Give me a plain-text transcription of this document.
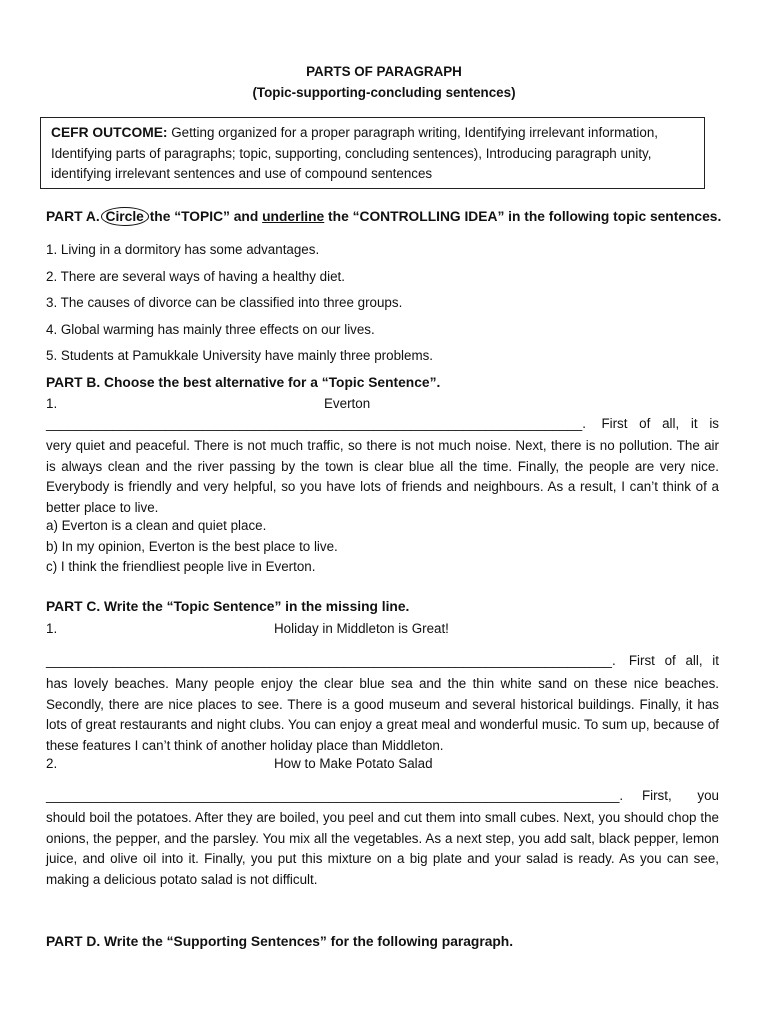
PARTS OF PARAGRAPH
(Topic-supporting-concluding sentences)
CEFR OUTCOME: Getting organized for a proper paragraph writing, Identifying irrelevant information, Identifying parts of paragraphs; topic, supporting, concluding sentences), Introducing paragraph unity, identifying irrelevant sentences and use of compound sentences
PART A. Circle the “TOPIC” and underline the “CONTROLLING IDEA” in the following topic sentences.
1. Living in a dormitory has some advantages.
2. There are several ways of having a healthy diet.
3. The causes of divorce can be classified into three groups.
4. Global warming has mainly three effects on our lives.
5. Students at Pamukkale University have mainly three problems.
PART B. Choose the best alternative for a “Topic Sentence”.
1.	Everton
________________________________________________________________________. First of all, it is
very quiet and peaceful. There is not much traffic, so there is not much noise. Next, there is no pollution. The air is always clean and the river passing by the town is clear blue all the time. Finally, the people are very nice. Everybody is friendly and very helpful, so you have lots of friends and neighbours. As a result, I can’t think of a better place to live.
a) Everton is a clean and quiet place.
b) In my opinion, Everton is the best place to live.
c) I think the friendliest people live in Everton.
PART C. Write the “Topic Sentence” in the missing line.
1.	Holiday in Middleton is Great!
____________________________________________________________________________. First of all, it
has lovely beaches. Many people enjoy the clear blue sea and the thin white sand on these nice beaches. Secondly, there are nice places to see. There is a good museum and several historical buildings. Finally, it has lots of great restaurants and night clubs. You can enjoy a great meal and wonderful music. To sum up, because of these features I can’t think of another holiday place than Middleton.
2.	How to Make Potato Salad
_____________________________________________________________________________. First, you
should boil the potatoes. After they are boiled, you peel and cut them into small cubes. Next, you should chop the onions, the pepper, and the parsley. You mix all the vegetables. As a next step, you add salt, black pepper, lemon juice, and olive oil into it. Finally, you put this mixture on a big plate and your salad is ready. As you can see, making a delicious potato salad is not difficult.
PART D. Write the “Supporting Sentences” for the following paragraph.
